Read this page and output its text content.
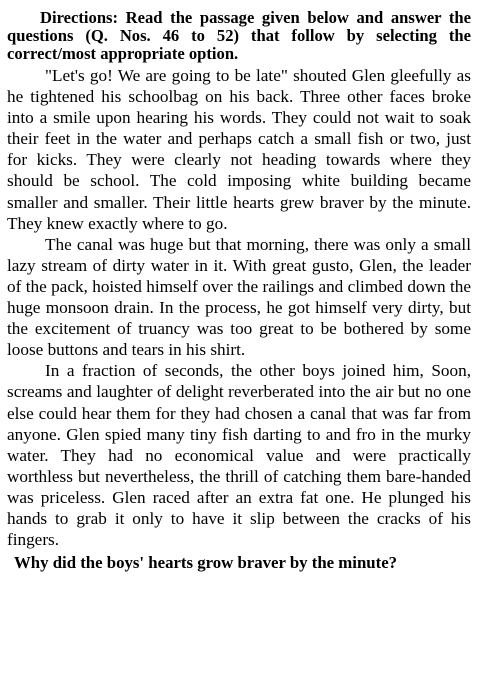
Directions: Read the passage given below and answer the questions (Q. Nos. 46 to 52) that follow by selecting the correct/most appropriate option.

"Let's go! We are going to be late" shouted Glen gleefully as he tightened his schoolbag on his back. Three other faces broke into a smile upon hearing his words. They could not wait to soak their feet in the water and perhaps catch a small fish or two, just for kicks. They were clearly not heading towards where they should be school. The cold imposing white building became smaller and smaller. Their little hearts grew braver by the minute. They knew exactly where to go.

The canal was huge but that morning, there was only a small lazy stream of dirty water in it. With great gusto, Glen, the leader of the pack, hoisted himself over the railings and climbed down the huge monsoon drain. In the process, he got himself very dirty, but the excitement of truancy was too great to be bothered by some loose buttons and tears in his shirt.

In a fraction of seconds, the other boys joined him, Soon, screams and laughter of delight reverberated into the air but no one else could hear them for they had chosen a canal that was far from anyone. Glen spied many tiny fish darting to and fro in the murky water. They had no economical value and were practically worthless but nevertheless, the thrill of catching them bare-handed was priceless. Glen raced after an extra fat one. He plunged his hands to grab it only to have it slip between the cracks of his fingers.

Why did the boys' hearts grow braver by the minute?
